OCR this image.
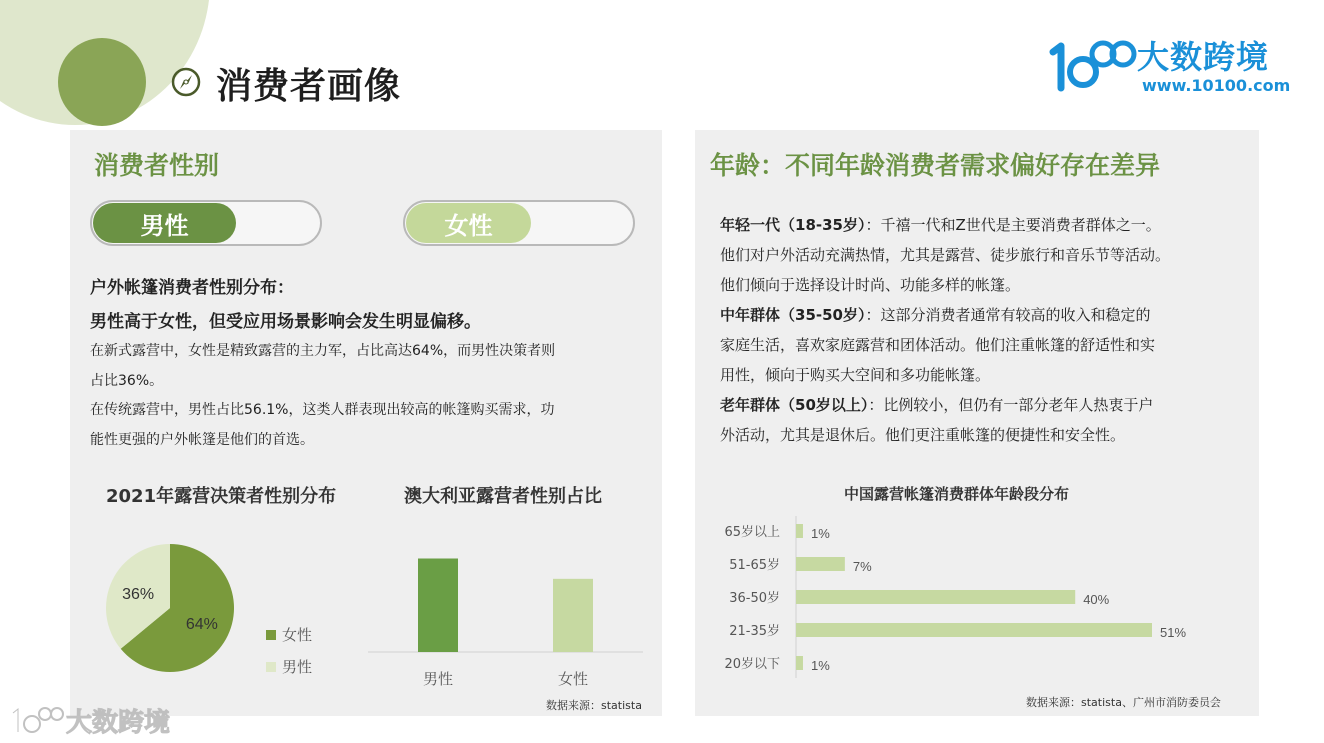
消费者画像
大数跨境
www.10100.com
消费者性别
男性	女性
户外帐篷消费者性别分布：
男性高于女性，但受应用场景影响会发生明显偏移。
在新式露营中，女性是精致露营的主力军，占比高达64%，而男性决策者则
占比36%。
在传统露营中，男性占比56.1%，这类人群表现出较高的帐篷购买需求，功
能性更强的户外帐篷是他们的首选。
2021年露营决策者性别分布
64%
36%
女性
男性
澳大利亚露营者性别占比
男性	女性
数据来源：statista
年龄：不同年龄消费者需求偏好存在差异
年轻一代（18-35岁）：千禧一代和Z世代是主要消费者群体之一。
他们对户外活动充满热情，尤其是露营、徒步旅行和音乐节等活动。
他们倾向于选择设计时尚、功能多样的帐篷。
中年群体（35-50岁）：这部分消费者通常有较高的收入和稳定的
家庭生活，喜欢家庭露营和团体活动。他们注重帐篷的舒适性和实
用性，倾向于购买大空间和多功能帐篷。
老年群体（50岁以上）：比例较小，但仍有一部分老年人热衷于户
外活动，尤其是退休后。他们更注重帐篷的便捷性和安全性。
中国露营帐篷消费群体年龄段分布
65岁以上 1%
51-65岁	7%
36-50岁	40%
21-35岁	51%
20岁以下 1%
数据来源：statista、广州市消防委员会
大数跨境
